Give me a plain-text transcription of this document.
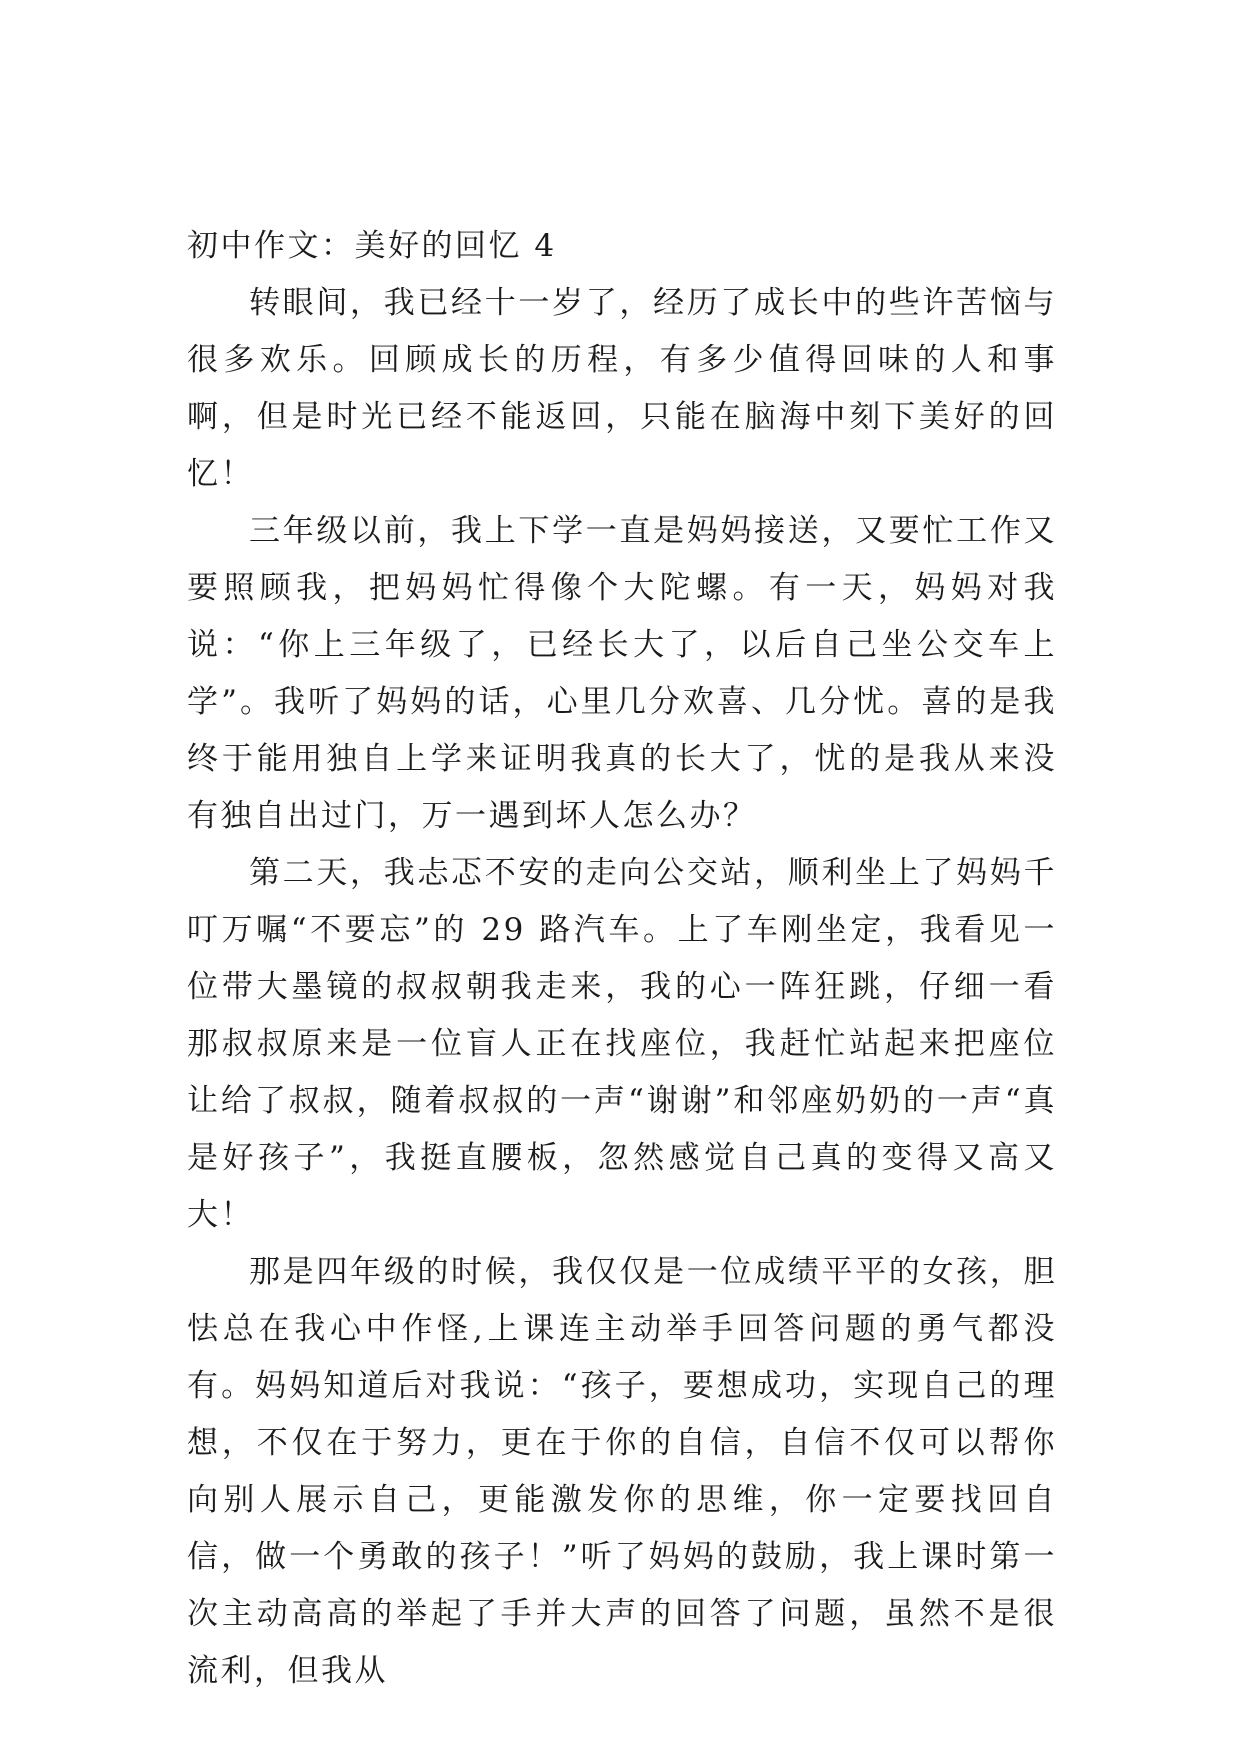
初中作文：美好的回忆 4

转眼间，我已经十一岁了，经历了成长中的些许苦恼与很多欢乐。回顾成长的历程，有多少值得回味的人和事啊，但是时光已经不能返回，只能在脑海中刻下美好的回忆！

三年级以前，我上下学一直是妈妈接送，又要忙工作又要照顾我，把妈妈忙得像个大陀螺。有一天，妈妈对我说：“你上三年级了，已经长大了，以后自己坐公交车上学”。我听了妈妈的话，心里几分欢喜、几分忧。喜的是我终于能用独自上学来证明我真的长大了，忧的是我从来没有独自出过门，万一遇到坏人怎么办？

第二天，我忐忑不安的走向公交站，顺利坐上了妈妈千叮万嘱“不要忘”的 29 路汽车。上了车刚坐定，我看见一位带大墨镜的叔叔朝我走来，我的心一阵狂跳，仔细一看那叔叔原来是一位盲人正在找座位，我赶忙站起来把座位让给了叔叔，随着叔叔的一声“谢谢”和邻座奶奶的一声“真是好孩子”，我挺直腰板，忽然感觉自己真的变得又高又大！

那是四年级的时候，我仅仅是一位成绩平平的女孩，胆怯总在我心中作怪,上课连主动举手回答问题的勇气都没有。妈妈知道后对我说：“孩子，要想成功，实现自己的理想，不仅在于努力，更在于你的自信，自信不仅可以帮你向别人展示自己，更能激发你的思维，你一定要找回自信，做一个勇敢的孩子！”听了妈妈的鼓励，我上课时第一次主动高高的举起了手并大声的回答了问题，虽然不是很流利，但我从
